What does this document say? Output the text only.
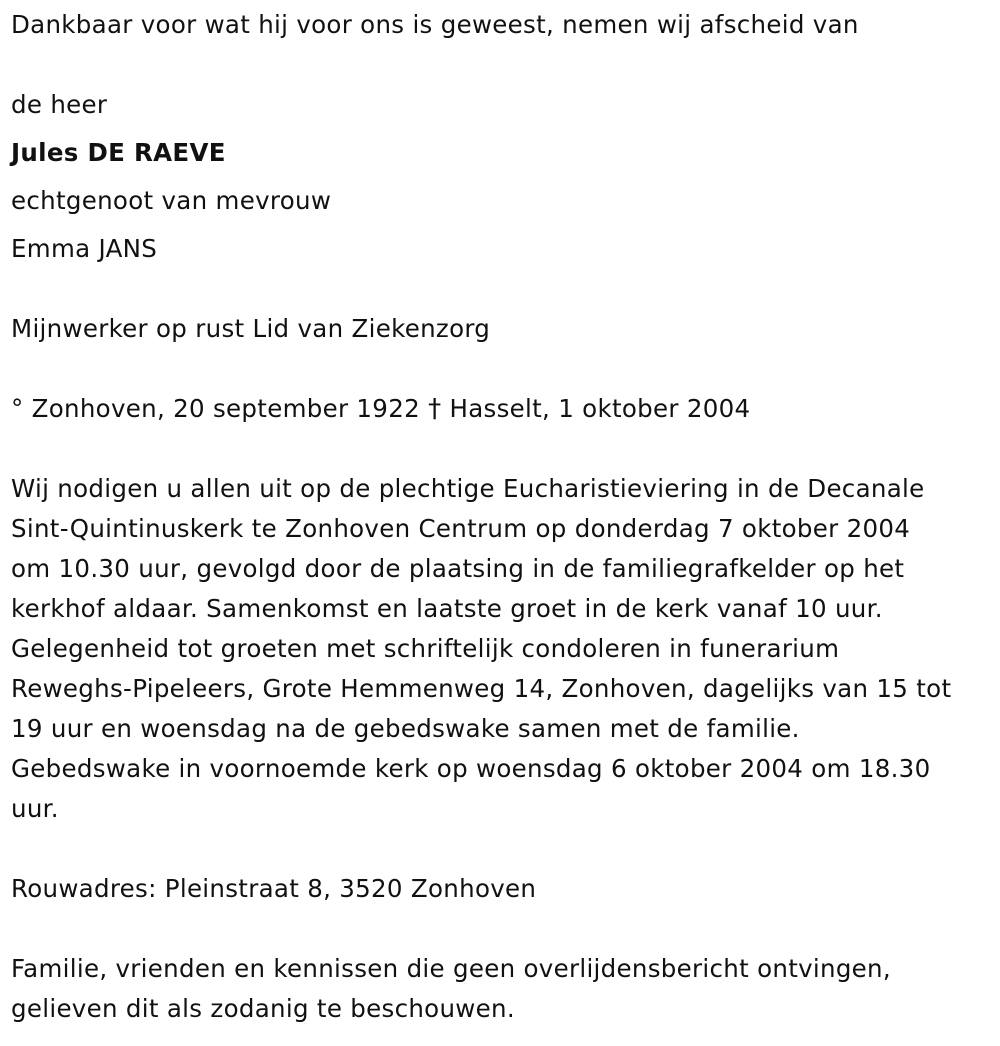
Dankbaar voor wat hij voor ons is geweest, nemen wij afscheid van
de heer
Jules DE RAEVE
echtgenoot van mevrouw
Emma JANS
Mijnwerker op rust Lid van Ziekenzorg
° Zonhoven, 20 september 1922 † Hasselt, 1 oktober 2004
Wij nodigen u allen uit op de plechtige Eucharistieviering in de Decanale
Sint-Quintinuskerk te Zonhoven Centrum op donderdag 7 oktober 2004
om 10.30 uur, gevolgd door de plaatsing in de familiegrafkelder op het
kerkhof aldaar. Samenkomst en laatste groet in de kerk vanaf 10 uur.
Gelegenheid tot groeten met schriftelijk condoleren in funerarium
Reweghs-Pipeleers, Grote Hemmenweg 14, Zonhoven, dagelijks van 15 tot
19 uur en woensdag na de gebedswake samen met de familie.
Gebedswake in voornoemde kerk op woensdag 6 oktober 2004 om 18.30
uur.
Rouwadres: Pleinstraat 8, 3520 Zonhoven
Familie, vrienden en kennissen die geen overlijdensbericht ontvingen,
gelieven dit als zodanig te beschouwen.
